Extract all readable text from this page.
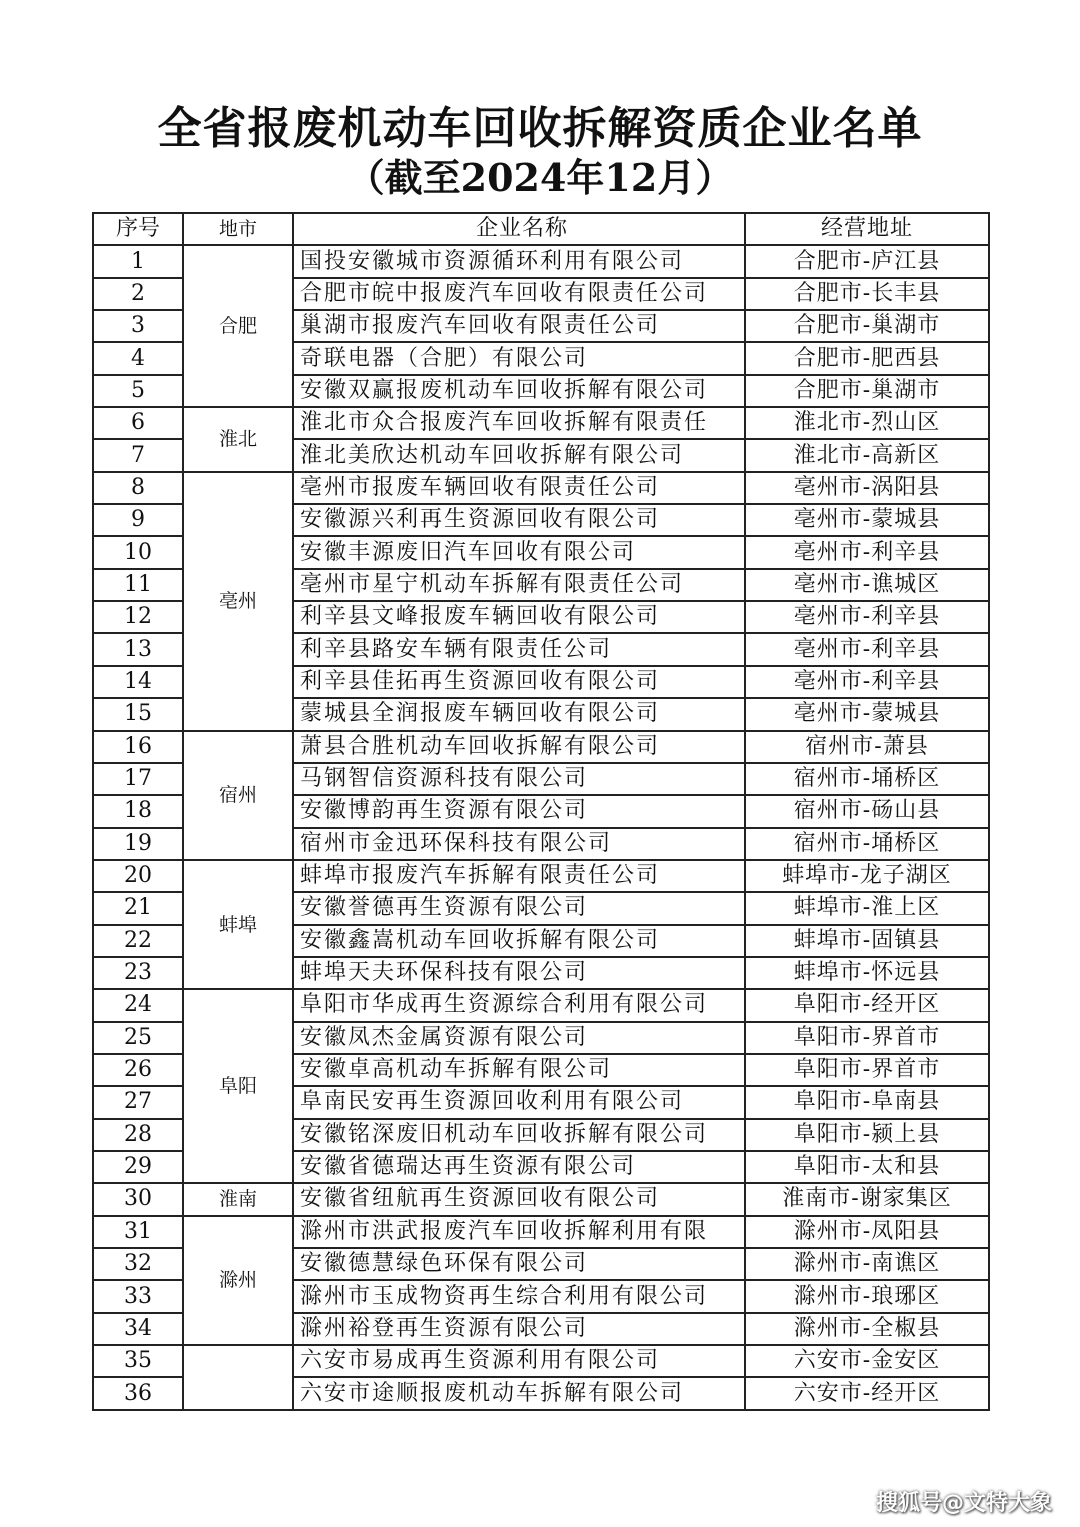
全省报废机动车回收拆解资质企业名单
（截至2024年12月）
序号	地市	企业名称	经营地址
1	合肥	国投安徽城市资源循环利用有限公司	合肥市-庐江县
2		合肥市皖中报废汽车回收有限责任公司	合肥市-长丰县
3		巢湖市报废汽车回收有限责任公司	合肥市-巢湖市
4		奇联电器（合肥）有限公司	合肥市-肥西县
5		安徽双赢报废机动车回收拆解有限公司	合肥市-巢湖市
6	淮北	淮北市众合报废汽车回收拆解有限责任	淮北市-烈山区
7		淮北美欣达机动车回收拆解有限公司	淮北市-高新区
8	亳州	亳州市报废车辆回收有限责任公司	亳州市-涡阳县
9		安徽源兴利再生资源回收有限公司	亳州市-蒙城县
10		安徽丰源废旧汽车回收有限公司	亳州市-利辛县
11		亳州市星宁机动车拆解有限责任公司	亳州市-谯城区
12		利辛县文峰报废车辆回收有限公司	亳州市-利辛县
13		利辛县路安车辆有限责任公司	亳州市-利辛县
14		利辛县佳拓再生资源回收有限公司	亳州市-利辛县
15		蒙城县全润报废车辆回收有限公司	亳州市-蒙城县
16	宿州	萧县合胜机动车回收拆解有限公司	宿州市-萧县
17		马钢智信资源科技有限公司	宿州市-埇桥区
18		安徽博韵再生资源有限公司	宿州市-砀山县
19		宿州市金迅环保科技有限公司	宿州市-埇桥区
20	蚌埠	蚌埠市报废汽车拆解有限责任公司	蚌埠市-龙子湖区
21		安徽誉德再生资源有限公司	蚌埠市-淮上区
22		安徽鑫嵩机动车回收拆解有限公司	蚌埠市-固镇县
23		蚌埠天夫环保科技有限公司	蚌埠市-怀远县
24	阜阳	阜阳市华成再生资源综合利用有限公司	阜阳市-经开区
25		安徽凤杰金属资源有限公司	阜阳市-界首市
26		安徽卓高机动车拆解有限公司	阜阳市-界首市
27		阜南民安再生资源回收利用有限公司	阜阳市-阜南县
28		安徽铭深废旧机动车回收拆解有限公司	阜阳市-颍上县
29		安徽省德瑞达再生资源有限公司	阜阳市-太和县
30	淮南	安徽省纽航再生资源回收有限公司	淮南市-谢家集区
31	滁州	滁州市洪武报废汽车回收拆解利用有限	滁州市-凤阳县
32		安徽德慧绿色环保有限公司	滁州市-南谯区
33		滁州市玉成物资再生综合利用有限公司	滁州市-琅琊区
34		滁州裕登再生资源有限公司	滁州市-全椒县
35		六安市易成再生资源利用有限公司	六安市-金安区
36		六安市途顺报废机动车拆解有限公司	六安市-经开区
搜狐号@文特大象
